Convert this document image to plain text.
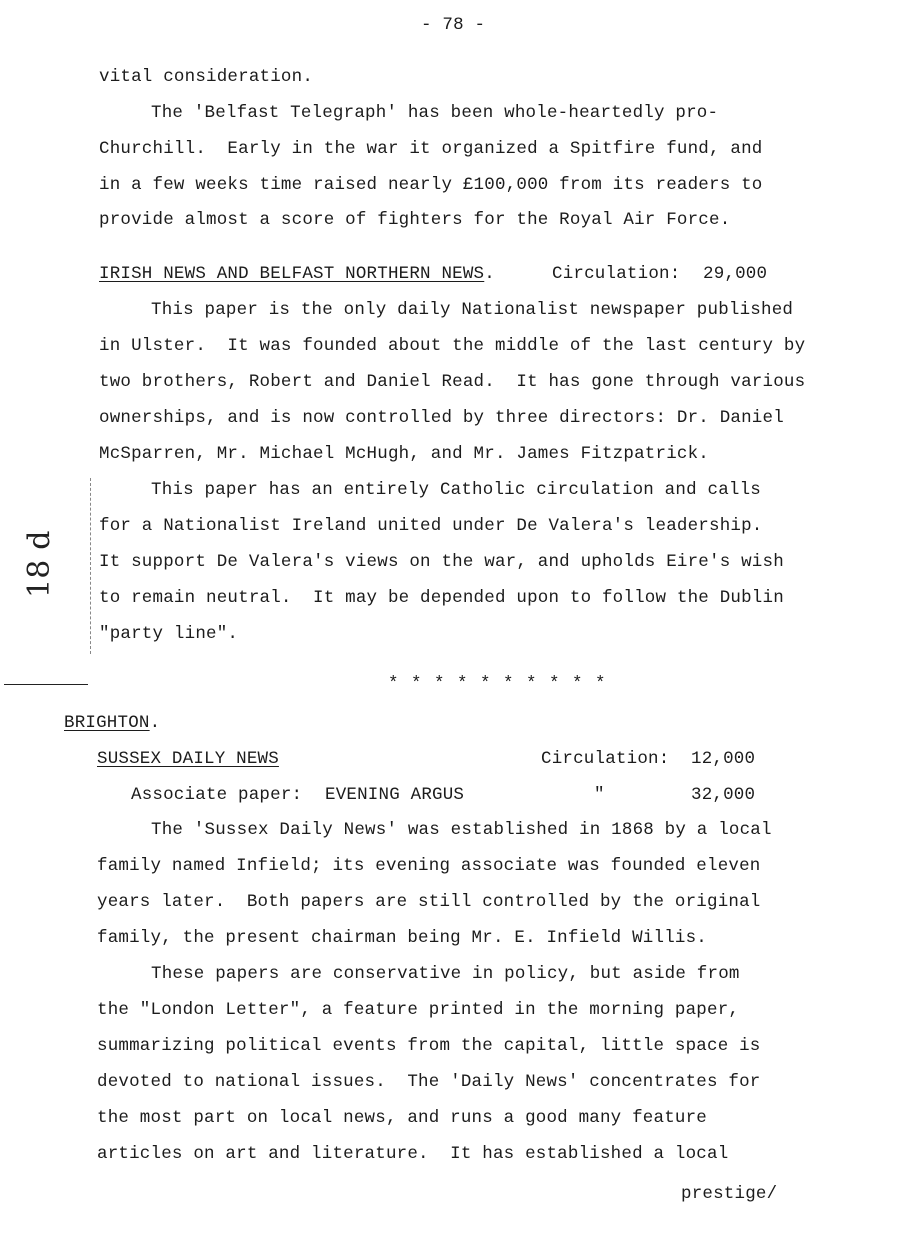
- 78 -
vital consideration.
The 'Belfast Telegraph' has been whole-heartedly pro-
Churchill.  Early in the war it organized a Spitfire fund, and
in a few weeks time raised nearly £100,000 from its readers to
provide almost a score of fighters for the Royal Air Force.
IRISH NEWS AND BELFAST NORTHERN NEWS.	Circulation: 29,000
This paper is the only daily Nationalist newspaper published
in Ulster.  It was founded about the middle of the last century by
two brothers, Robert and Daniel Read.  It has gone through various
ownerships, and is now controlled by three directors: Dr. Daniel
McSparren, Mr. Michael McHugh, and Mr. James Fitzpatrick.
This paper has an entirely Catholic circulation and calls
for a Nationalist Ireland united under De Valera's leadership.
It support De Valera's views on the war, and upholds Eire's wish
to remain neutral.  It may be depended upon to follow the Dublin
"party line".
18 d
* * * * * * * * * *
BRIGHTON.
SUSSEX DAILY NEWS	Circulation: 12,000
Associate paper: EVENING ARGUS	"	32,000
The 'Sussex Daily News' was established in 1868 by a local
family named Infield; its evening associate was founded eleven
years later.  Both papers are still controlled by the original
family, the present chairman being Mr. E. Infield Willis.
These papers are conservative in policy, but aside from
the "London Letter", a feature printed in the morning paper,
summarizing political events from the capital, little space is
devoted to national issues.  The 'Daily News' concentrates for
the most part on local news, and runs a good many feature
articles on art and literature.  It has established a local
prestige/
